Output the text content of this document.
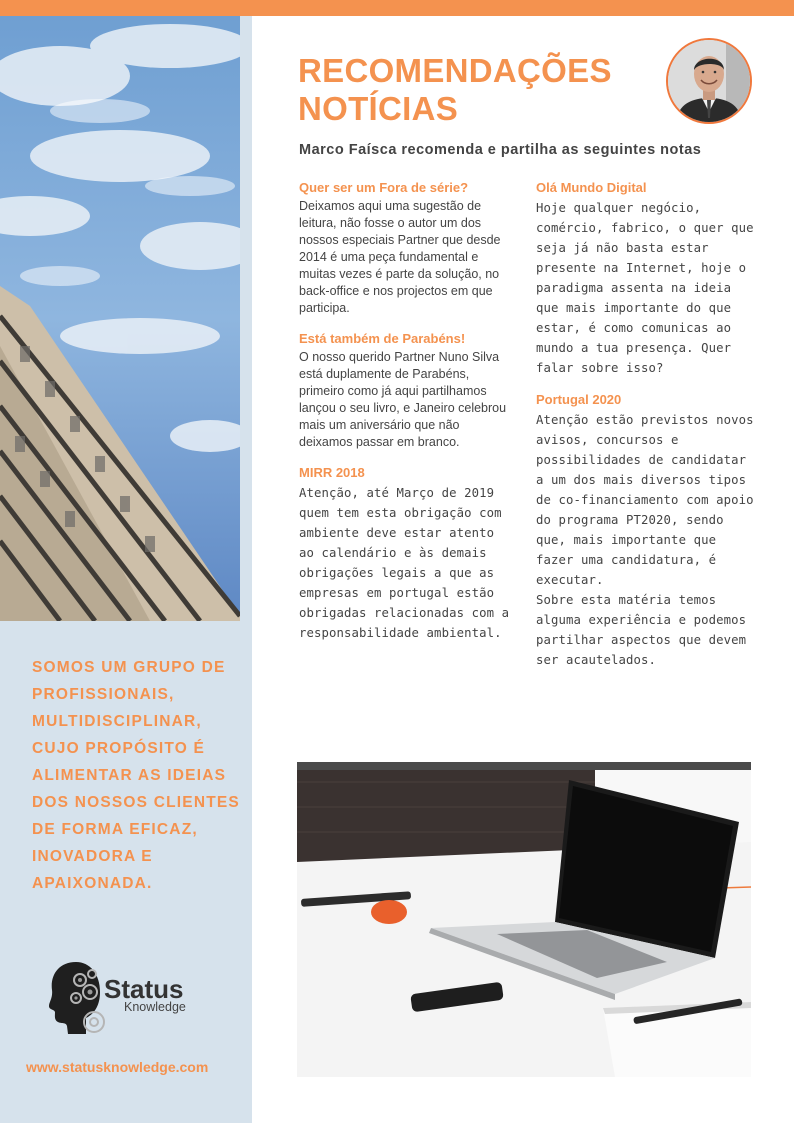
SOMOS UM GRUPO DE PROFISSIONAIS, MULTIDISCIPLINAR, CUJO PROPÓSITO É ALIMENTAR AS IDEIAS DOS NOSSOS CLIENTES DE FORMA EFICAZ, INOVADORA E APAIXONADA.

Status
Knowledge
www.statusknowledge.com
RECOMENDAÇÕES
NOTÍCIAS
Marco Faísca recomenda e partilha as seguintes notas
Quer ser um Fora de série?

Deixamos aqui uma sugestão de leitura, não fosse o autor um dos nossos especiais Partner que desde 2014 é uma peça fundamental e muitas vezes é parte da solução, no back-office e nos projectos em que participa.

Está também de Parabéns!

O nosso querido Partner Nuno Silva está duplamente de Parabéns, primeiro como já aqui partilhamos lançou o seu livro, e Janeiro celebrou mais um aniversário que não deixamos passar em branco.

MIRR 2018

Atenção, até Março de 2019 quem tem esta obrigação com ambiente deve estar atento ao calendário e às demais obrigações legais a que as empresas em portugal estão obrigadas relacionadas com a responsabilidade ambiental.

Olá Mundo Digital

Hoje qualquer negócio, comércio, fabrico, o quer que seja já não basta estar presente na Internet, hoje o paradigma assenta na ideia que mais importante do que estar, é como comunicas ao mundo a tua presença. Quer falar sobre isso?

Portugal 2020

Atenção estão previstos novos avisos, concursos e possibilidades de candidatar a um dos mais diversos tipos de co-financiamento com apoio do programa PT2020, sendo que, mais importante que fazer uma candidatura, é executar.

Sobre esta matéria temos alguma experiência e podemos partilhar aspectos que devem ser acautelados.
